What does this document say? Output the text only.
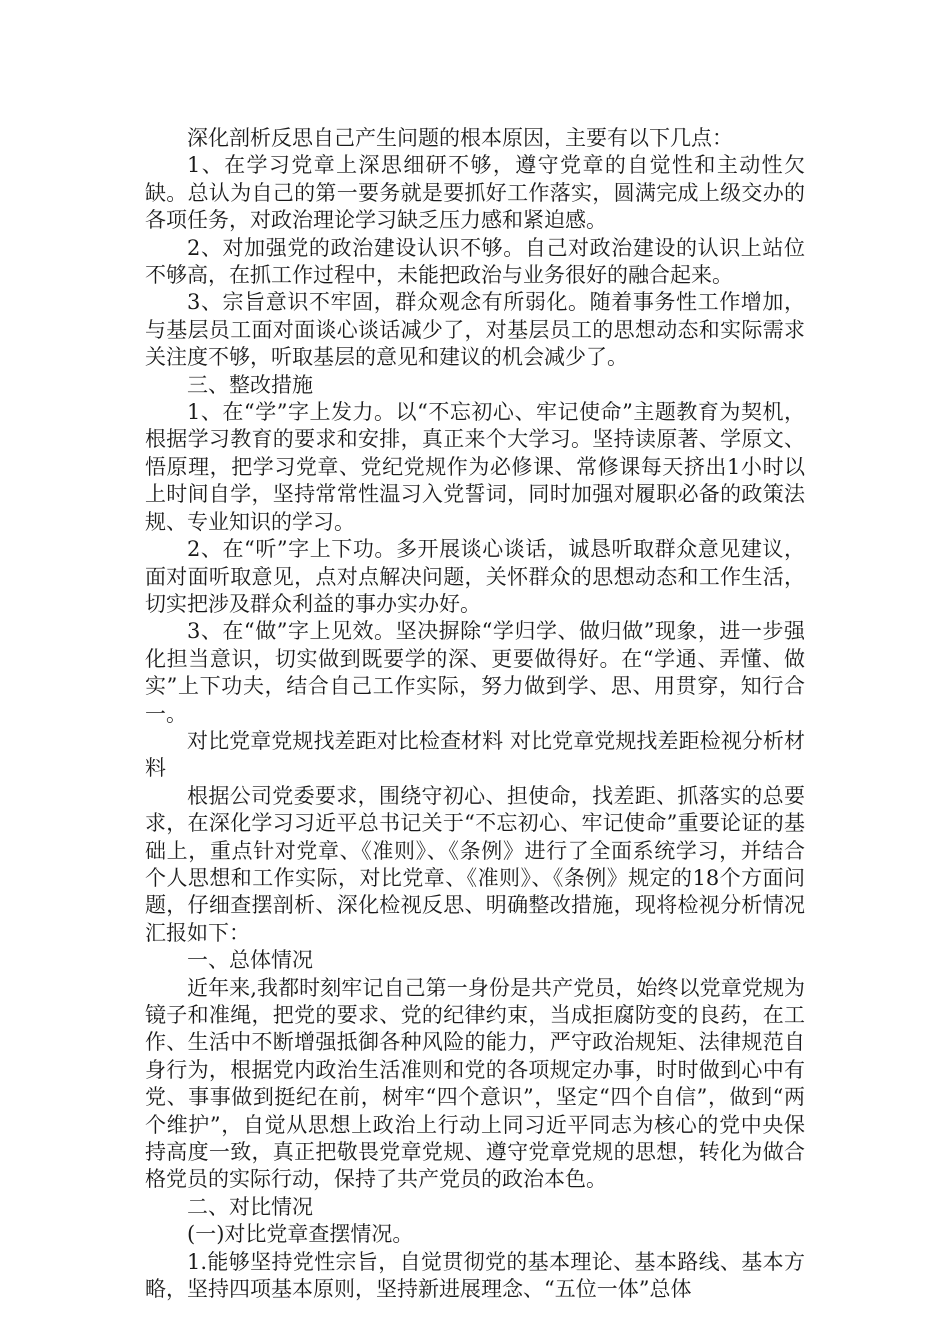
深化剖析反思自己产生问题的根本原因，主要有以下几点：

1、在学习党章上深思细研不够，遵守党章的自觉性和主动性欠缺。总认为自己的第一要务就是要抓好工作落实，圆满完成上级交办的各项任务，对政治理论学习缺乏压力感和紧迫感。

2、对加强党的政治建设认识不够。自己对政治建设的认识上站位不够高，在抓工作过程中，未能把政治与业务很好的融合起来。

3、宗旨意识不牢固，群众观念有所弱化。随着事务性工作增加，与基层员工面对面谈心谈话减少了，对基层员工的思想动态和实际需求关注度不够，听取基层的意见和建议的机会减少了。

三、整改措施

1、在“学”字上发力。以“不忘初心、牢记使命”主题教育为契机，根据学习教育的要求和安排，真正来个大学习。坚持读原著、学原文、悟原理，把学习党章、党纪党规作为必修课、常修课每天挤出1小时以上时间自学，坚持常常性温习入党誓词，同时加强对履职必备的政策法规、专业知识的学习。

2、在“听”字上下功。多开展谈心谈话，诚恳听取群众意见建议，面对面听取意见，点对点解决问题，关怀群众的思想动态和工作生活，切实把涉及群众利益的事办实办好。

3、在“做”字上见效。坚决摒除“学归学、做归做”现象，进一步强化担当意识，切实做到既要学的深、更要做得好。在“学通、弄懂、做实”上下功夫，结合自己工作实际，努力做到学、思、用贯穿，知行合一。

对比党章党规找差距对比检查材料 对比党章党规找差距检视分析材料

根据公司党委要求，围绕守初心、担使命，找差距、抓落实的总要求，在深化学习习近平总书记关于“不忘初心、牢记使命”重要论证的基础上，重点针对党章、《准则》、《条例》进行了全面系统学习，并结合个人思想和工作实际，对比党章、《准则》、《条例》规定的18个方面问题，仔细查摆剖析、深化检视反思、明确整改措施，现将检视分析情况汇报如下：

一、总体情况

近年来,我都时刻牢记自己第一身份是共产党员，始终以党章党规为镜子和准绳，把党的要求、党的纪律约束，当成拒腐防变的良药，在工作、生活中不断增强抵御各种风险的能力，严守政治规矩、法律规范自身行为，根据党内政治生活准则和党的各项规定办事，时时做到心中有党、事事做到挺纪在前，树牢“四个意识”，坚定“四个自信”，做到“两个维护”，自觉从思想上政治上行动上同习近平同志为核心的党中央保持高度一致，真正把敬畏党章党规、遵守党章党规的思想，转化为做合格党员的实际行动，保持了共产党员的政治本色。

二、对比情况

(一)对比党章查摆情况。

1.能够坚持党性宗旨，自觉贯彻党的基本理论、基本路线、基本方略，坚持四项基本原则，坚持新进展理念、“五位一体”总体
